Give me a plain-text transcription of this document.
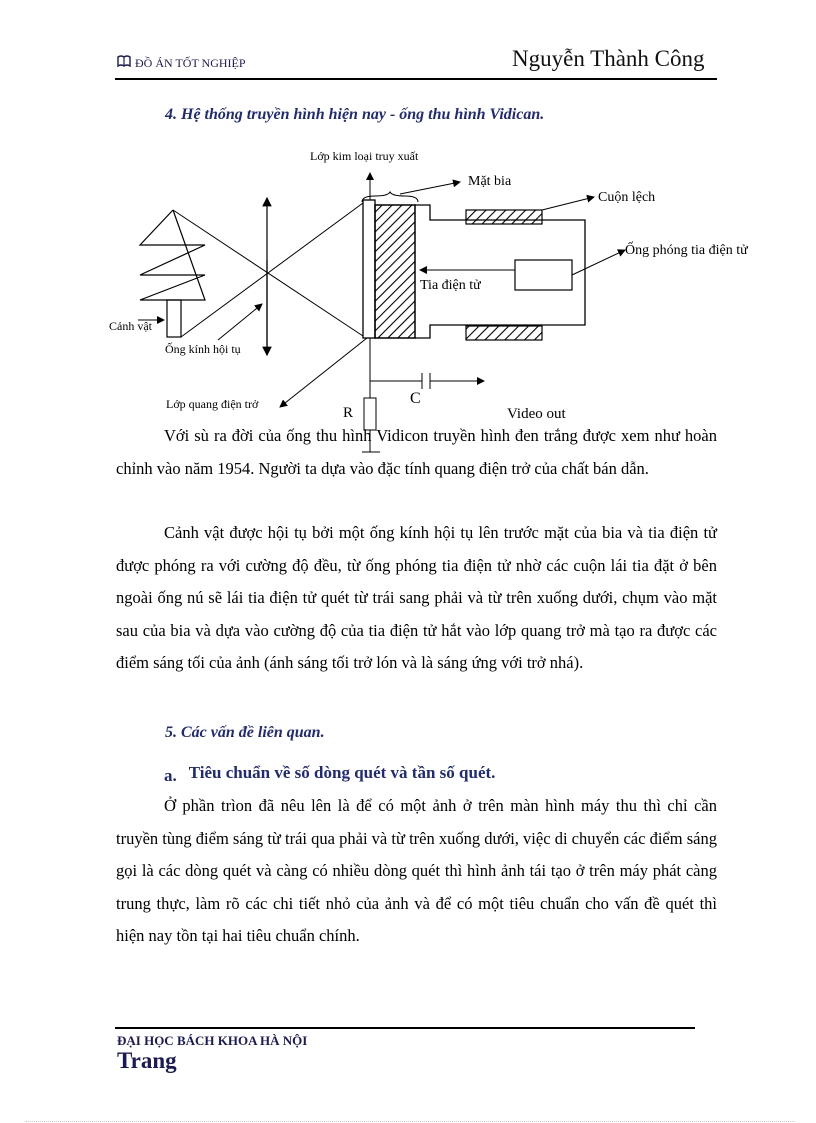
ĐỒ ÁN TỐT NGHIỆP	Nguyễn Thành Công
4. Hệ thống truyền hình hiện nay - ống thu hình Vidican.
Cảnh vật
Ống kính hội tụ
Lớp kim loại truy xuất
Mặt bia
Cuộn lệch
Ống phóng tia điện tử
Tia điện tử
Lớp quang điện trở
R
C
Video out

Với sù ra đời của ống thu hình Vidicon truyền hình đen trắng được xem như hoàn chỉnh vào năm 1954. Người ta dựa vào đặc tính quang điện trở của chất bán dẫn.

Cảnh vật được hội tụ bởi một ống kính hội tụ lên trước mặt của bia và tia điện tử được phóng ra với cường độ đều, từ ống phóng tia điện tử nhờ các cuộn lái tia đặt ở bên ngoài ống nú sẽ lái tia điện tử quét từ trái sang phải và từ trên xuống dưới, chụm vào mặt sau của bia và dựa vào cường độ của tia điện tử hắt vào lớp quang trở mà tạo ra được các điểm sáng tối của ảnh (ánh sáng tối trở lón và là sáng ứng với trở nhá).

5. Các vấn đề liên quan.
a. Tiêu chuẩn về số dòng quét và tần số quét.

Ở phần trìon đã nêu lên là để có một ảnh ở trên màn hình máy thu thì chỉ cần truyền tùng điểm sáng từ trái qua phải và từ trên xuống dưới, việc di chuyển các điểm sáng gọi là các dòng quét và càng có nhiều dòng quét thì hình ảnh tái tạo ở trên máy phát càng trung thực, làm rõ các chi tiết nhỏ của ảnh và để có một tiêu chuẩn cho vấn đề quét thì hiện nay tồn tại hai tiêu chuẩn chính.

ĐẠI HỌC BÁCH KHOA HÀ NỘI
Trang
